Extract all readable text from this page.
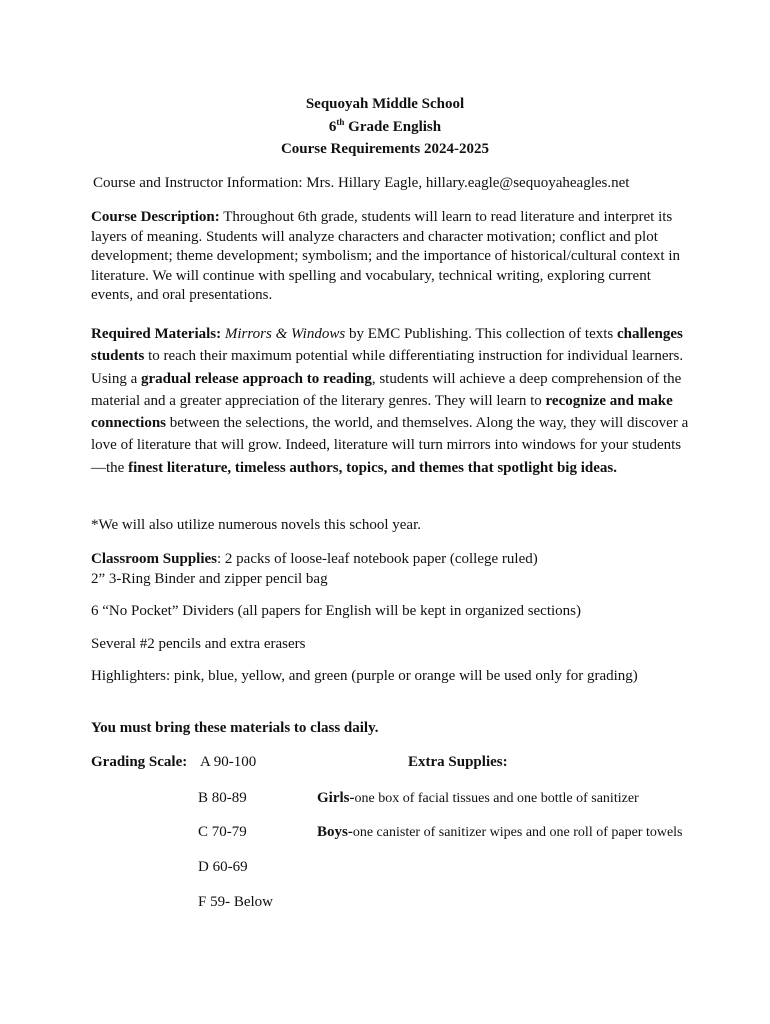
Sequoyah Middle School
6th Grade English
Course Requirements 2024-2025

Course and Instructor Information: Mrs. Hillary Eagle, hillary.eagle@sequoyaheagles.net

Course Description: Throughout 6th grade, students will learn to read literature and interpret its layers of meaning. Students will analyze characters and character motivation; conflict and plot development; theme development; symbolism; and the importance of historical/cultural context in literature. We will continue with spelling and vocabulary, technical writing, exploring current events, and oral presentations.

Required Materials: Mirrors & Windows by EMC Publishing. This collection of texts challenges students to reach their maximum potential while differentiating instruction for individual learners. Using a gradual release approach to reading, students will achieve a deep comprehension of the material and a greater appreciation of the literary genres. They will learn to recognize and make connections between the selections, the world, and themselves. Along the way, they will discover a love of literature that will grow. Indeed, literature will turn mirrors into windows for your students—the finest literature, timeless authors, topics, and themes that spotlight big ideas.

*We will also utilize numerous novels this school year.

Classroom Supplies: 2 packs of loose-leaf notebook paper (college ruled)
2” 3-Ring Binder and zipper pencil bag

6 “No Pocket” Dividers (all papers for English will be kept in organized sections)

Several #2 pencils and extra erasers

Highlighters: pink, blue, yellow, and green (purple or orange will be used only for grading)

You must bring these materials to class daily.

Grading Scale: A 90-100
B 80-89
C 70-79
D 60-69
F 59- Below
Extra Supplies:
Girls-one box of facial tissues and one bottle of sanitizer
Boys-one canister of sanitizer wipes and one roll of paper towels
